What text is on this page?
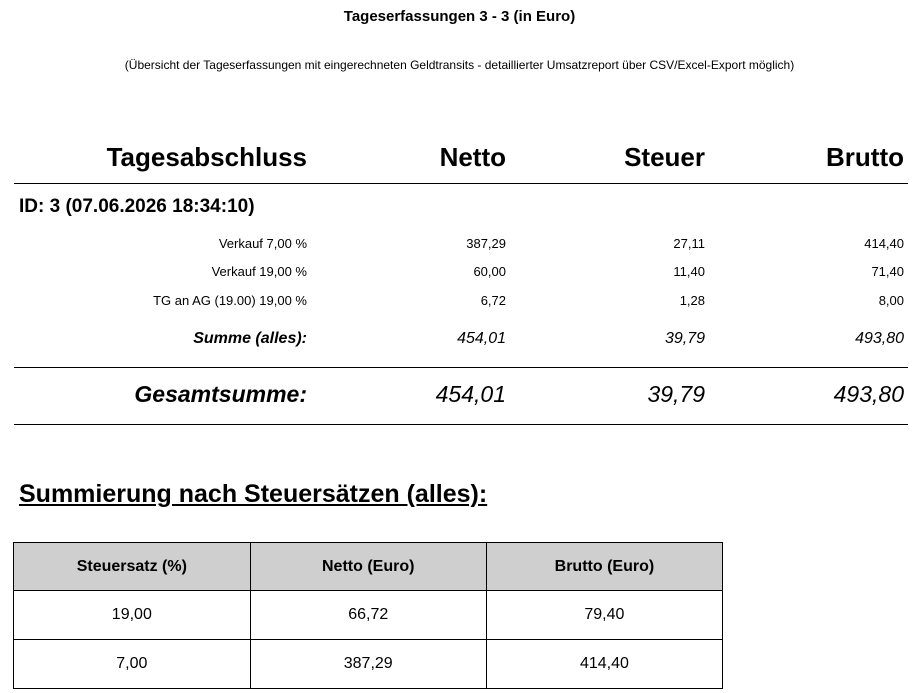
Tageserfassungen 3 - 3 (in Euro)
(Übersicht der Tageserfassungen mit eingerechneten Geldtransits - detaillierter Umsatzreport über CSV/Excel-Export möglich)
Tagesabschluss	Netto	Steuer	Brutto
ID: 3 (07.06.2026 18:34:10)
Verkauf 7,00 %	387,29	27,11	414,40
Verkauf 19,00 %	60,00	11,40	71,40
TG an AG (19.00) 19,00 %	6,72	1,28	8,00
Summe (alles):	454,01	39,79	493,80
Gesamtsumme:	454,01	39,79	493,80
Summierung nach Steuersätzen (alles):
Steuersatz (%)	Netto (Euro)	Brutto (Euro)
19,00	66,72	79,40
7,00	387,29	414,40
